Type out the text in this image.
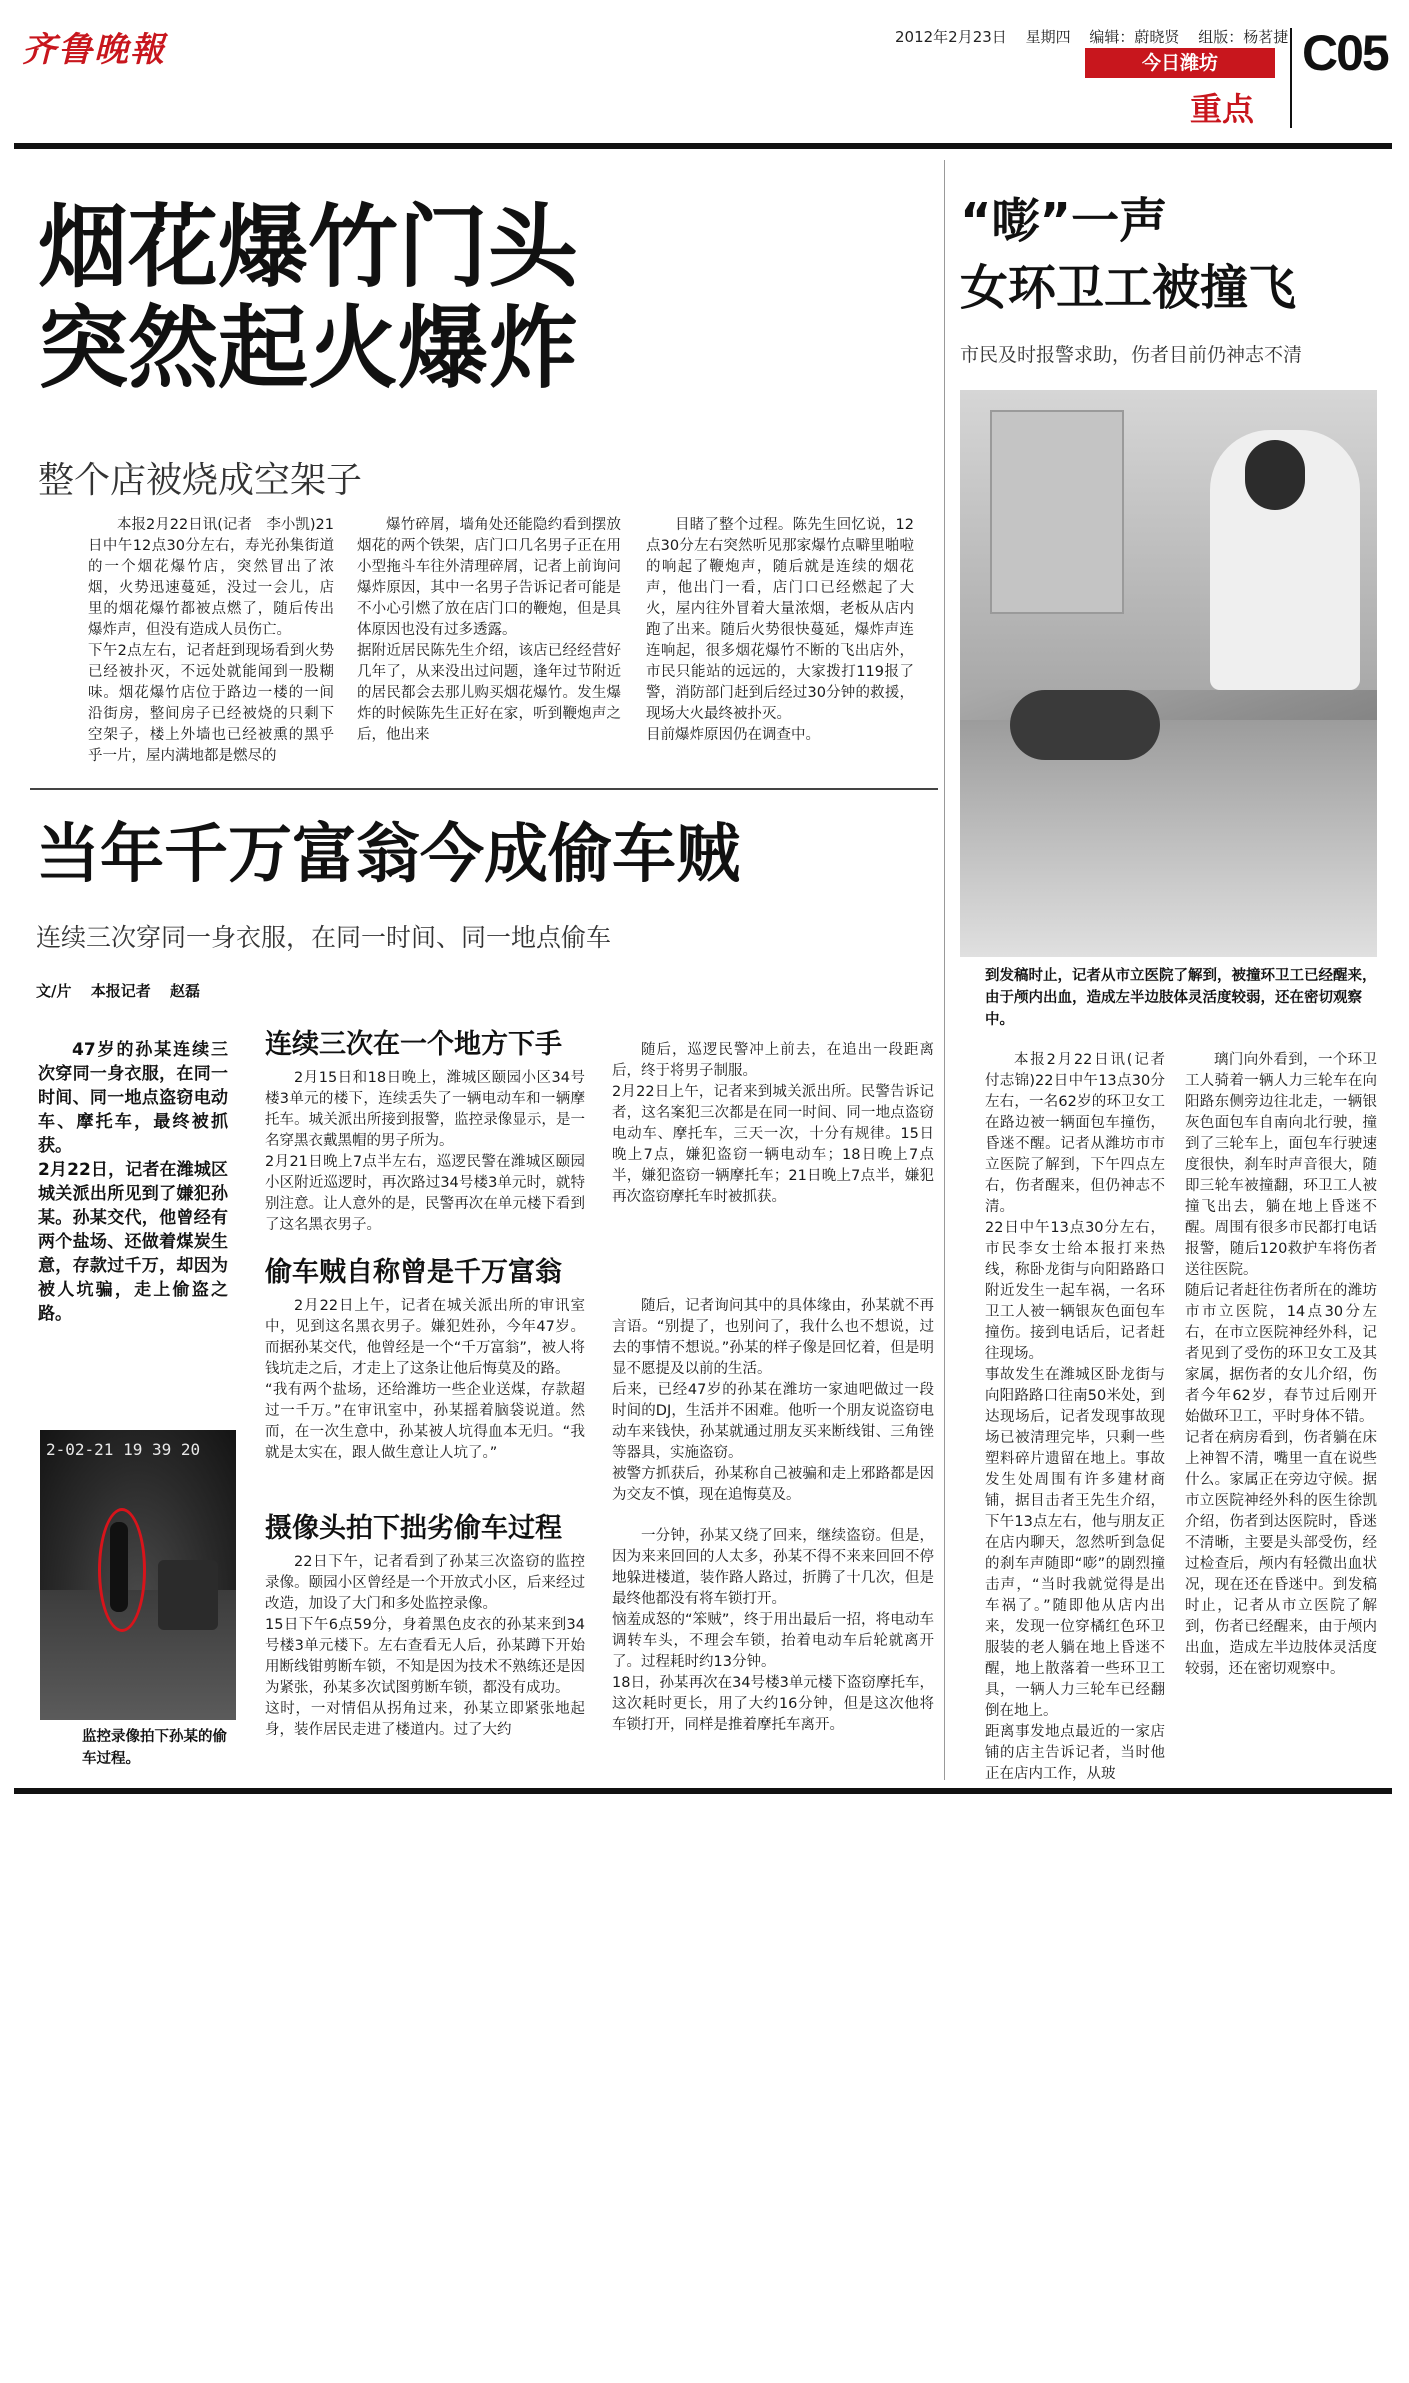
齐鲁晚報	2012年2月23日 星期四 编辑：蔚晓贤 组版：杨茗捷
今日潍坊
重点
C05
烟花爆竹门头
突然起火爆炸
整个店被烧成空架子
本报2月22日讯(记者　李小凯)21日中午12点30分左右，寿光孙集街道的一个烟花爆竹店，突然冒出了浓烟，火势迅速蔓延，没过一会儿，店里的烟花爆竹都被点燃了，随后传出爆炸声，但没有造成人员伤亡。
下午2点左右，记者赶到现场看到火势已经被扑灭，不远处就能闻到一股糊味。烟花爆竹店位于路边一楼的一间沿街房，整间房子已经被烧的只剩下空架子，楼上外墙也已经被熏的黑乎乎一片，屋内满地都是燃尽的
爆竹碎屑，墙角处还能隐约看到摆放烟花的两个铁架，店门口几名男子正在用小型拖斗车往外清理碎屑，记者上前询问爆炸原因，其中一名男子告诉记者可能是不小心引燃了放在店门口的鞭炮，但是具体原因也没有过多透露。
据附近居民陈先生介绍，该店已经经营好几年了，从来没出过问题，逢年过节附近的居民都会去那儿购买烟花爆竹。发生爆炸的时候陈先生正好在家，听到鞭炮声之后，他出来
目睹了整个过程。陈先生回忆说，12点30分左右突然听见那家爆竹点噼里啪啦的响起了鞭炮声，随后就是连续的烟花声，他出门一看，店门口已经燃起了大火，屋内往外冒着大量浓烟，老板从店内跑了出来。随后火势很快蔓延，爆炸声连连响起，很多烟花爆竹不断的飞出店外，市民只能站的远远的，大家拨打119报了警，消防部门赶到后经过30分钟的救援，现场大火最终被扑灭。
目前爆炸原因仍在调查中。
当年千万富翁今成偷车贼
连续三次穿同一身衣服，在同一时间、同一地点偷车
文/片 本报记者 赵磊
47岁的孙某连续三次穿同一身衣服，在同一时间、同一地点盗窃电动车、摩托车，最终被抓获。
2月22日，记者在潍城区城关派出所见到了嫌犯孙某。孙某交代，他曾经有两个盐场、还做着煤炭生意，存款过千万，却因为被人坑骗，走上偷盗之路。
2-02-21 19 39 20
监控录像拍下孙某的偷车过程。
连续三次在一个地方下手
2月15日和18日晚上，潍城区颐园小区34号楼3单元的楼下，连续丢失了一辆电动车和一辆摩托车。城关派出所接到报警，监控录像显示，是一名穿黑衣戴黑帽的男子所为。
2月21日晚上7点半左右，巡逻民警在潍城区颐园小区附近巡逻时，再次路过34号楼3单元时，就特别注意。让人意外的是，民警再次在单元楼下看到了这名黑衣男子。
随后，巡逻民警冲上前去，在追出一段距离后，终于将男子制服。
2月22日上午，记者来到城关派出所。民警告诉记者，这名案犯三次都是在同一时间、同一地点盗窃电动车、摩托车，三天一次，十分有规律。15日晚上7点，嫌犯盗窃一辆电动车；18日晚上7点半，嫌犯盗窃一辆摩托车；21日晚上7点半，嫌犯再次盗窃摩托车时被抓获。
偷车贼自称曾是千万富翁
2月22日上午，记者在城关派出所的审讯室中，见到这名黑衣男子。嫌犯姓孙，今年47岁。而据孙某交代，他曾经是一个“千万富翁”，被人将钱坑走之后，才走上了这条让他后悔莫及的路。
“我有两个盐场，还给潍坊一些企业送煤，存款超过一千万。”在审讯室中，孙某摇着脑袋说道。然而，在一次生意中，孙某被人坑得血本无归。“我就是太实在，跟人做生意让人坑了。”
随后，记者询问其中的具体缘由，孙某就不再言语。“别提了，也别问了，我什么也不想说，过去的事情不想说。”孙某的样子像是回忆着，但是明显不愿提及以前的生活。
后来，已经47岁的孙某在潍坊一家迪吧做过一段时间的DJ，生活并不困难。他听一个朋友说盗窃电动车来钱快，孙某就通过朋友买来断线钳、三角锉等器具，实施盗窃。
被警方抓获后，孙某称自己被骗和走上邪路都是因为交友不慎，现在追悔莫及。
摄像头拍下拙劣偷车过程
22日下午，记者看到了孙某三次盗窃的监控录像。颐园小区曾经是一个开放式小区，后来经过改造，加设了大门和多处监控录像。
15日下午6点59分，身着黑色皮衣的孙某来到34号楼3单元楼下。左右查看无人后，孙某蹲下开始用断线钳剪断车锁，不知是因为技术不熟练还是因为紧张，孙某多次试图剪断车锁，都没有成功。
这时，一对情侣从拐角过来，孙某立即紧张地起身，装作居民走进了楼道内。过了大约
一分钟，孙某又绕了回来，继续盗窃。但是，因为来来回回的人太多，孙某不得不来来回回不停地躲进楼道，装作路人路过，折腾了十几次，但是最终他都没有将车锁打开。
恼羞成怒的“笨贼”，终于用出最后一招，将电动车调转车头，不理会车锁，抬着电动车后轮就离开了。过程耗时约13分钟。
18日，孙某再次在34号楼3单元楼下盗窃摩托车，这次耗时更长，用了大约16分钟，但是这次他将车锁打开，同样是推着摩托车离开。
“嘭”一声
女环卫工被撞飞
市民及时报警求助，伤者目前仍神志不清
到发稿时止，记者从市立医院了解到，被撞环卫工已经醒来，由于颅内出血，造成左半边肢体灵活度较弱，还在密切观察中。
本报2月22日讯(记者　付志锦)22日中午13点30分左右，一名62岁的环卫女工在路边被一辆面包车撞伤，昏迷不醒。记者从潍坊市市立医院了解到，下午四点左右，伤者醒来，但仍神志不清。
22日中午13点30分左右，市民李女士给本报打来热线，称卧龙街与向阳路路口附近发生一起车祸，一名环卫工人被一辆银灰色面包车撞伤。接到电话后，记者赶往现场。
事故发生在潍城区卧龙街与向阳路路口往南50米处，到达现场后，记者发现事故现场已被清理完毕，只剩一些塑料碎片遗留在地上。事故发生处周围有许多建材商铺，据目击者王先生介绍，下午13点左右，他与朋友正在店内聊天，忽然听到急促的刹车声随即“嘭”的剧烈撞击声，“当时我就觉得是出车祸了。”随即他从店内出来，发现一位穿橘红色环卫服装的老人躺在地上昏迷不醒，地上散落着一些环卫工具，一辆人力三轮车已经翻倒在地上。
距离事发地点最近的一家店铺的店主告诉记者，当时他正在店内工作，从玻
璃门向外看到，一个环卫工人骑着一辆人力三轮车在向阳路东侧旁边往北走，一辆银灰色面包车自南向北行驶，撞到了三轮车上，面包车行驶速度很快，刹车时声音很大，随即三轮车被撞翻，环卫工人被撞飞出去，躺在地上昏迷不醒。周围有很多市民都打电话报警，随后120救护车将伤者送往医院。
随后记者赶往伤者所在的潍坊市市立医院，14点30分左右，在市立医院神经外科，记者见到了受伤的环卫女工及其家属，据伤者的女儿介绍，伤者今年62岁，春节过后刚开始做环卫工，平时身体不错。
记者在病房看到，伤者躺在床上神智不清，嘴里一直在说些什么。家属正在旁边守候。据市立医院神经外科的医生徐凯介绍，伤者到达医院时，昏迷不清晰，主要是头部受伤，经过检查后，颅内有轻微出血状况，现在还在昏迷中。到发稿时止，记者从市立医院了解到，伤者已经醒来，由于颅内出血，造成左半边肢体灵活度较弱，还在密切观察中。
